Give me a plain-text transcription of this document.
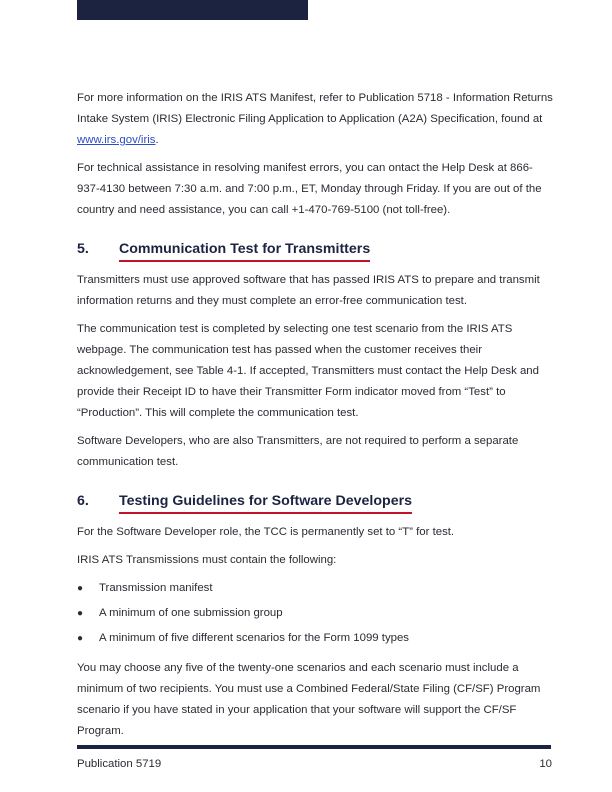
For more information on the IRIS ATS Manifest, refer to Publication 5718 - Information Returns Intake System (IRIS) Electronic Filing Application to Application (A2A) Specification, found at www.irs.gov/iris.

For technical assistance in resolving manifest errors, you can ontact the Help Desk at 866-937-4130 between 7:30 a.m. and 7:00 p.m., ET, Monday through Friday. If you are out of the country and need assistance, you can call +1-470-769-5100 (not toll-free).

5.	Communication Test for Transmitters

Transmitters must use approved software that has passed IRIS ATS to prepare and transmit information returns and they must complete an error-free communication test.

The communication test is completed by selecting one test scenario from the IRIS ATS webpage. The communication test has passed when the customer receives their acknowledgement, see Table 4-1. If accepted, Transmitters must contact the Help Desk and provide their Receipt ID to have their Transmitter Form indicator moved from “Test” to “Production”. This will complete the communication test.

Software Developers, who are also Transmitters, are not required to perform a separate communication test.

6.	Testing Guidelines for Software Developers

For the Software Developer role, the TCC is permanently set to “T” for test.

IRIS ATS Transmissions must contain the following:

●	Transmission manifest
●	A minimum of one submission group
●	A minimum of five different scenarios for the Form 1099 types

You may choose any five of the twenty-one scenarios and each scenario must include a minimum of two recipients. You must use a Combined Federal/State Filing (CF/SF) Program scenario if you have stated in your application that your software will support the CF/SF Program.

Publication 5719	10
